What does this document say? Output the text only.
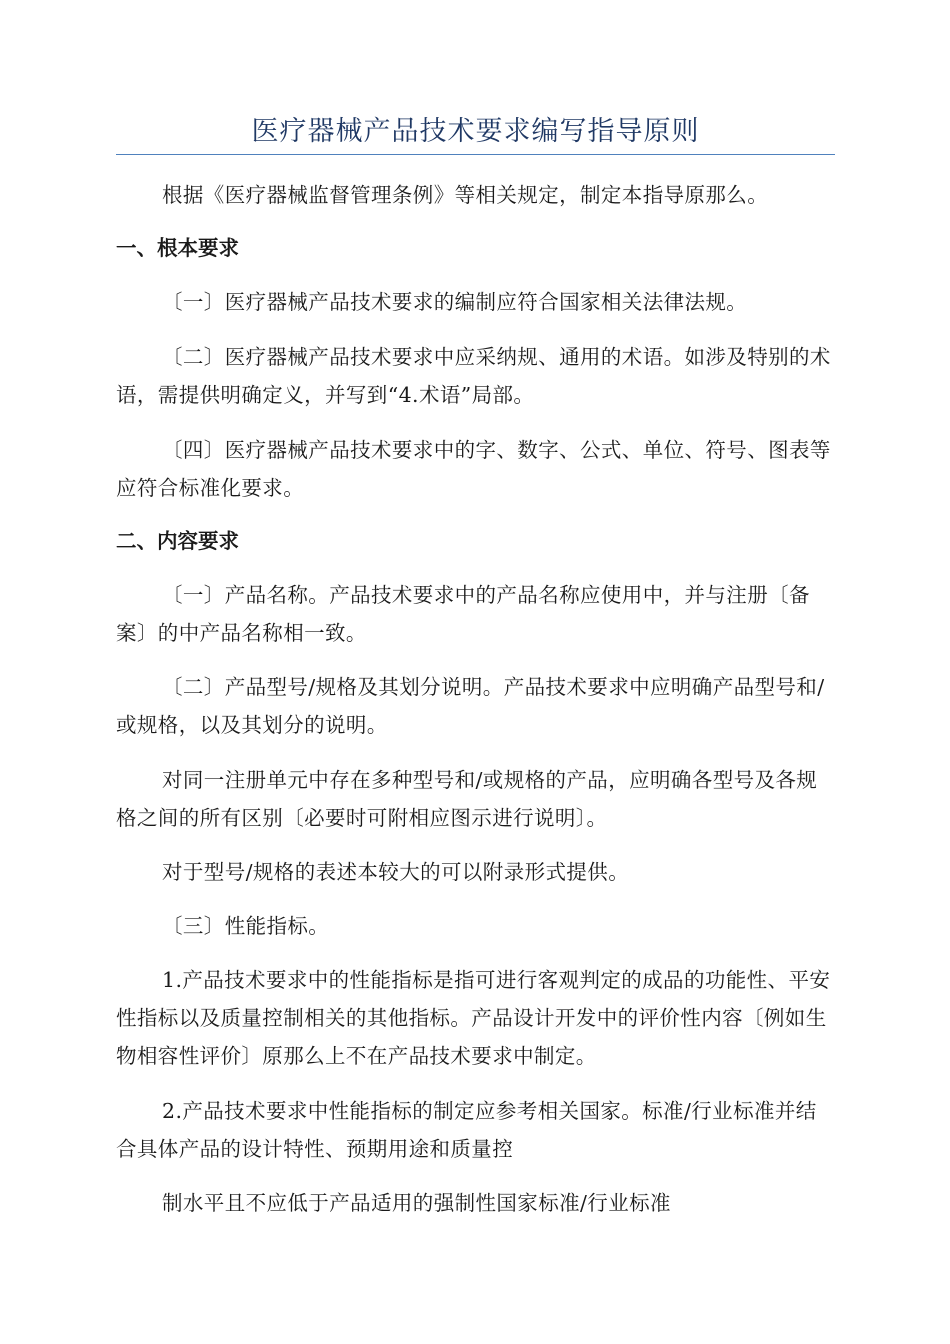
医疗器械产品技术要求编写指导原则

根据《医疗器械监督管理条例》等相关规定，制定本指导原那么。

一、根本要求

〔一〕医疗器械产品技术要求的编制应符合国家相关法律法规。

〔二〕医疗器械产品技术要求中应采纳规、通用的术语。如涉及特别的术语，需提供明确定义，并写到“4.术语”局部。

〔四〕医疗器械产品技术要求中的字、数字、公式、单位、符号、图表等应符合标准化要求。

二、内容要求

〔一〕产品名称。产品技术要求中的产品名称应使用中，并与注册〔备案〕的中产品名称相一致。

〔二〕产品型号/规格及其划分说明。产品技术要求中应明确产品型号和/或规格，以及其划分的说明。

对同一注册单元中存在多种型号和/或规格的产品，应明确各型号及各规格之间的所有区别〔必要时可附相应图示进行说明〕。

对于型号/规格的表述本较大的可以附录形式提供。

〔三〕性能指标。

1.产品技术要求中的性能指标是指可进行客观判定的成品的功能性、平安性指标以及质量控制相关的其他指标。产品设计开发中的评价性内容〔例如生物相容性评价〕原那么上不在产品技术要求中制定。

2.产品技术要求中性能指标的制定应参考相关国家。标准/行业标准并结合具体产品的设计特性、预期用途和质量控

制水平且不应低于产品适用的强制性国家标准/行业标准
